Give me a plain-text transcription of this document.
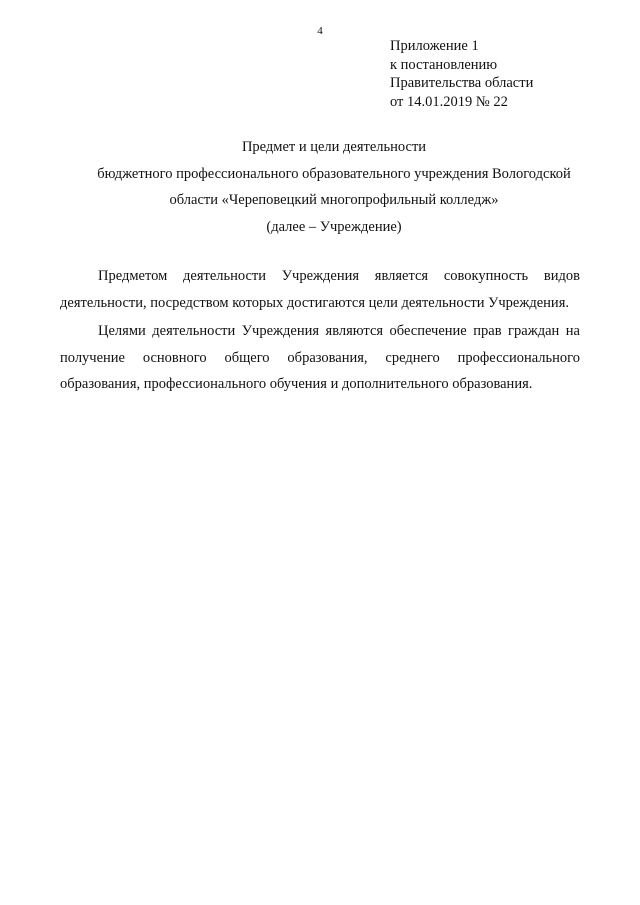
4
Приложение 1
к постановлению
Правительства области
от 14.01.2019 № 22
Предмет и цели деятельности
бюджетного профессионального образовательного учреждения Вологодской
области «Череповецкий многопрофильный колледж»
(далее – Учреждение)

Предметом деятельности Учреждения является совокупность видов деятельности, посредством которых достигаются цели деятельности Учреждения.

Целями деятельности Учреждения являются обеспечение прав граждан на получение основного общего образования, среднего профессионального образования, профессионального обучения и дополнительного образования.
